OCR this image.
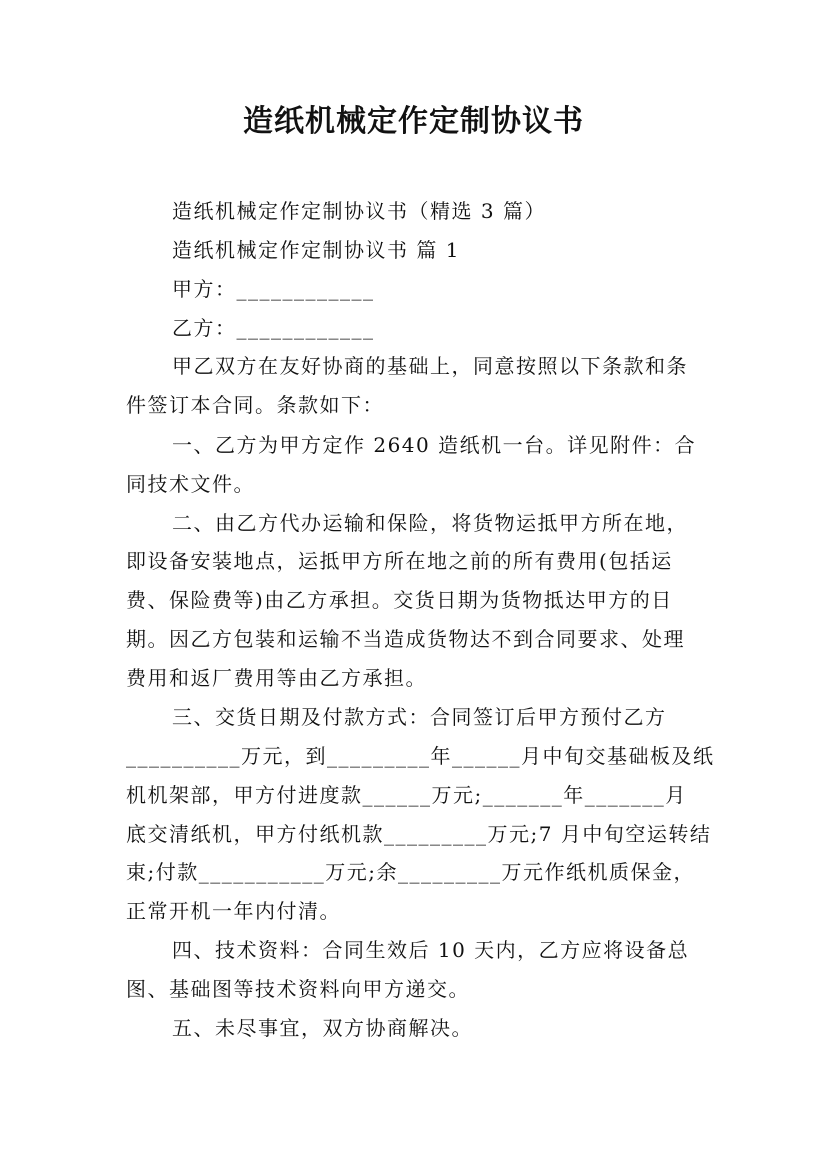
造纸机械定作定制协议书
造纸机械定作定制协议书（精选 3 篇）
造纸机械定作定制协议书 篇 1
甲方：____________
乙方：____________
甲乙双方在友好协商的基础上，同意按照以下条款和条
件签订本合同。条款如下：
一、乙方为甲方定作 2640 造纸机一台。详见附件：合
同技术文件。
二、由乙方代办运输和保险，将货物运抵甲方所在地，
即设备安装地点，运抵甲方所在地之前的所有费用(包括运
费、保险费等)由乙方承担。交货日期为货物抵达甲方的日
期。因乙方包装和运输不当造成货物达不到合同要求、处理
费用和返厂费用等由乙方承担。
三、交货日期及付款方式：合同签订后甲方预付乙方
__________万元，到_________年______月中旬交基础板及纸
机机架部，甲方付进度款______万元;_______年_______月
底交清纸机，甲方付纸机款_________万元;7 月中旬空运转结
束;付款___________万元;余_________万元作纸机质保金，
正常开机一年内付清。
四、技术资料：合同生效后 10 天内，乙方应将设备总
图、基础图等技术资料向甲方递交。
五、未尽事宜，双方协商解决。
